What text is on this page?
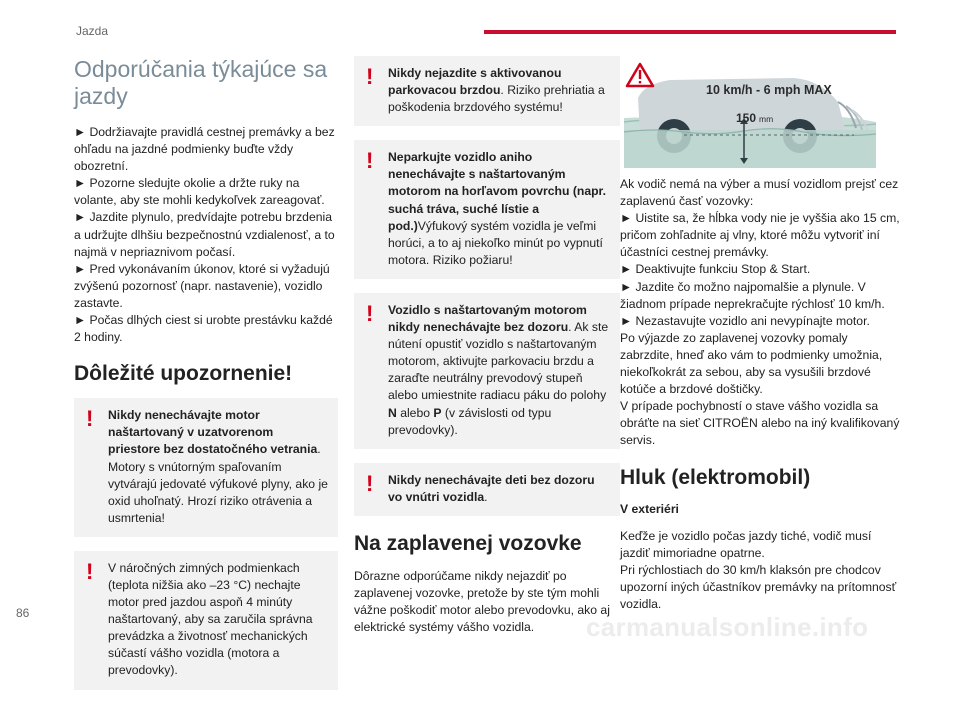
Jazda
Odporúčania týkajúce sa jazdy

► Dodržiavajte pravidlá cestnej premávky a bez ohľadu na jazdné podmienky buďte vždy obozretní.

► Pozorne sledujte okolie a držte ruky na volante, aby ste mohli kedykoľvek zareagovať.

► Jazdite plynulo, predvídajte potrebu brzdenia a udržujte dlhšiu bezpečnostnú vzdialenosť, a to najmä v nepriaznivom počasí.

► Pred vykonávaním úkonov, ktoré si vyžadujú zvýšenú pozornosť (napr. nastavenie), vozidlo zastavte.

► Počas dlhých ciest si urobte prestávku každé 2 hodiny.

Dôležité upozornenie!
!	Nikdy nenechávajte motor naštartovaný v uzatvorenom priestore bez dostatočného vetrania. Motory s vnútorným spaľovaním vytvárajú jedovaté výfukové plyny, ako je oxid uhoľnatý. Hrozí riziko otrávenia a usmrtenia!
!	V náročných zimných podmienkach (teplota nižšia ako –23 °C) nechajte motor pred jazdou aspoň 4 minúty naštartovaný, aby sa zaručila správna prevádzka a životnosť mechanických súčastí vášho vozidla (motora a prevodovky).
!	Nikdy nejazdite s aktivovanou parkovacou brzdou. Riziko prehriatia a poškodenia brzdového systému!
!	Neparkujte vozidlo aniho nenechávajte s naštartovaným motorom na horľavom povrchu (napr. suchá tráva, suché lístie a pod.)Výfukový systém vozidla je veľmi horúci, a to aj niekoľko minút po vypnutí motora. Riziko požiaru!
!	Vozidlo s naštartovaným motorom nikdy nenechávajte bez dozoru. Ak ste nútení opustiť vozidlo s naštartovaným motorom, aktivujte parkovaciu brzdu a zaraďte neutrálny prevodový stupeň alebo umiestnite radiacu páku do polohy N alebo P (v závislosti od typu prevodovky).
!	Nikdy nenechávajte deti bez dozoru vo vnútri vozidla.
Na zaplavenej vozovke

Dôrazne odporúčame nikdy nejazdiť po zaplavenej vozovke, pretože by ste tým mohli vážne poškodiť motor alebo prevodovku, ako aj elektrické systémy vášho vozidla.

10 km/h - 6 mph MAX
150 mm

Ak vodič nemá na výber a musí vozidlom prejsť cez zaplavenú časť vozovky:

► Uistite sa, že hĺbka vody nie je vyššia ako 15 cm, pričom zohľadnite aj vlny, ktoré môžu vytvoriť iní účastníci cestnej premávky.

► Deaktivujte funkciu Stop & Start.

► Jazdite čo možno najpomalšie a plynule. V žiadnom prípade neprekračujte rýchlosť 10 km/h.

► Nezastavujte vozidlo ani nevypínajte motor.

Po výjazde zo zaplavenej vozovky pomaly zabrzdite, hneď ako vám to podmienky umožnia, niekoľkokrát za sebou, aby sa vysušili brzdové kotúče a brzdové doštičky.

V prípade pochybností o stave vášho vozidla sa obráťte na sieť CITROËN alebo na iný kvalifikovaný servis.

Hluk (elektromobil)
V exteriéri

Keďže je vozidlo počas jazdy tiché, vodič musí jazdiť mimoriadne opatrne.

Pri rýchlostiach do 30 km/h klaksón pre chodcov upozorní iných účastníkov premávky na prítomnosť vozidla.

86	carmanualsonline.info
